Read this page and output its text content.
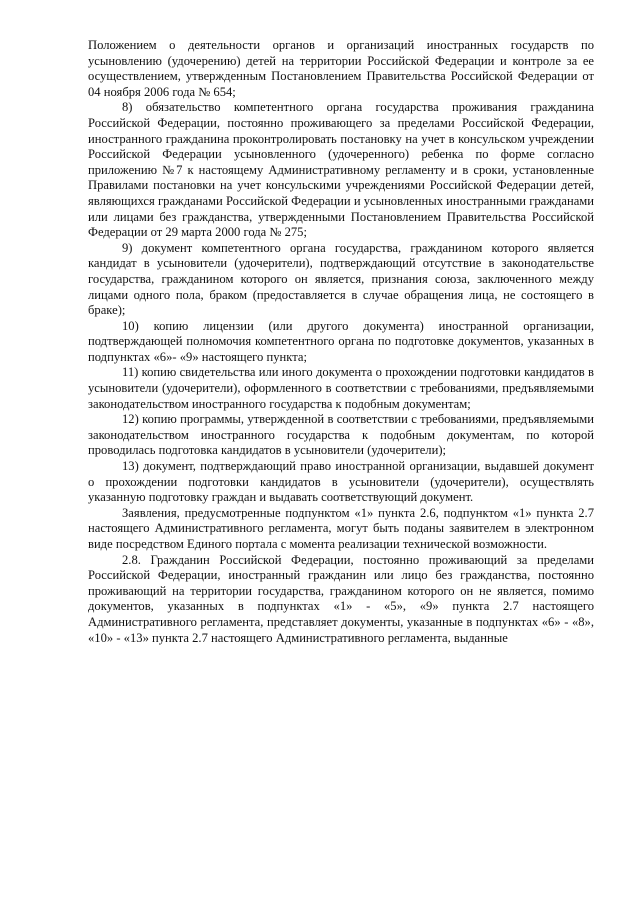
Положением о деятельности органов и организаций иностранных государств по усыновлению (удочерению) детей на территории Российской Федерации и контроле за ее осуществлением, утвержденным Постановлением Правительства Российской Федерации от 04 ноября 2006 года № 654;

8) обязательство компетентного органа государства проживания гражданина Российской Федерации, постоянно проживающего за пределами Российской Федерации, иностранного гражданина проконтролировать постановку на учет в консульском учреждении Российской Федерации усыновленного (удочеренного) ребенка по форме согласно приложению №7 к настоящему Административному регламенту и в сроки, установленные Правилами постановки на учет консульскими учреждениями Российской Федерации детей, являющихся гражданами Российской Федерации и усыновленных иностранными гражданами или лицами без гражданства, утвержденными Постановлением Правительства Российской Федерации от 29 марта 2000 года № 275;

9) документ компетентного органа государства, гражданином которого является кандидат в усыновители (удочерители), подтверждающий отсутствие в законодательстве государства, гражданином которого он является, признания союза, заключенного между лицами одного пола, браком (предоставляется в случае обращения лица, не состоящего в браке);

10) копию лицензии (или другого документа) иностранной организации, подтверждающей полномочия компетентного органа по подготовке документов, указанных в подпунктах «6»- «9» настоящего пункта;

11) копию свидетельства или иного документа о прохождении подготовки кандидатов в усыновители (удочерители), оформленного в соответствии с требованиями, предъявляемыми законодательством иностранного государства к подобным документам;

12) копию программы, утвержденной в соответствии с требованиями, предъявляемыми законодательством иностранного государства к подобным документам, по которой проводилась подготовка кандидатов в усыновители (удочерители);

13) документ, подтверждающий право иностранной организации, выдавшей документ о прохождении подготовки кандидатов в усыновители (удочерители), осуществлять указанную подготовку граждан и выдавать соответствующий документ.

Заявления, предусмотренные подпунктом «1» пункта 2.6, подпунктом «1» пункта 2.7 настоящего Административного регламента, могут быть поданы заявителем в электронном виде посредством Единого портала с момента реализации технической возможности.

2.8. Гражданин Российской Федерации, постоянно проживающий за пределами Российской Федерации, иностранный гражданин или лицо без гражданства, постоянно проживающий на территории государства, гражданином которого он не является, помимо документов, указанных в подпунктах «1» - «5», «9» пункта 2.7 настоящего Административного регламента, представляет документы, указанные в подпунктах «6» - «8», «10» - «13» пункта 2.7 настоящего Административного регламента, выданные
